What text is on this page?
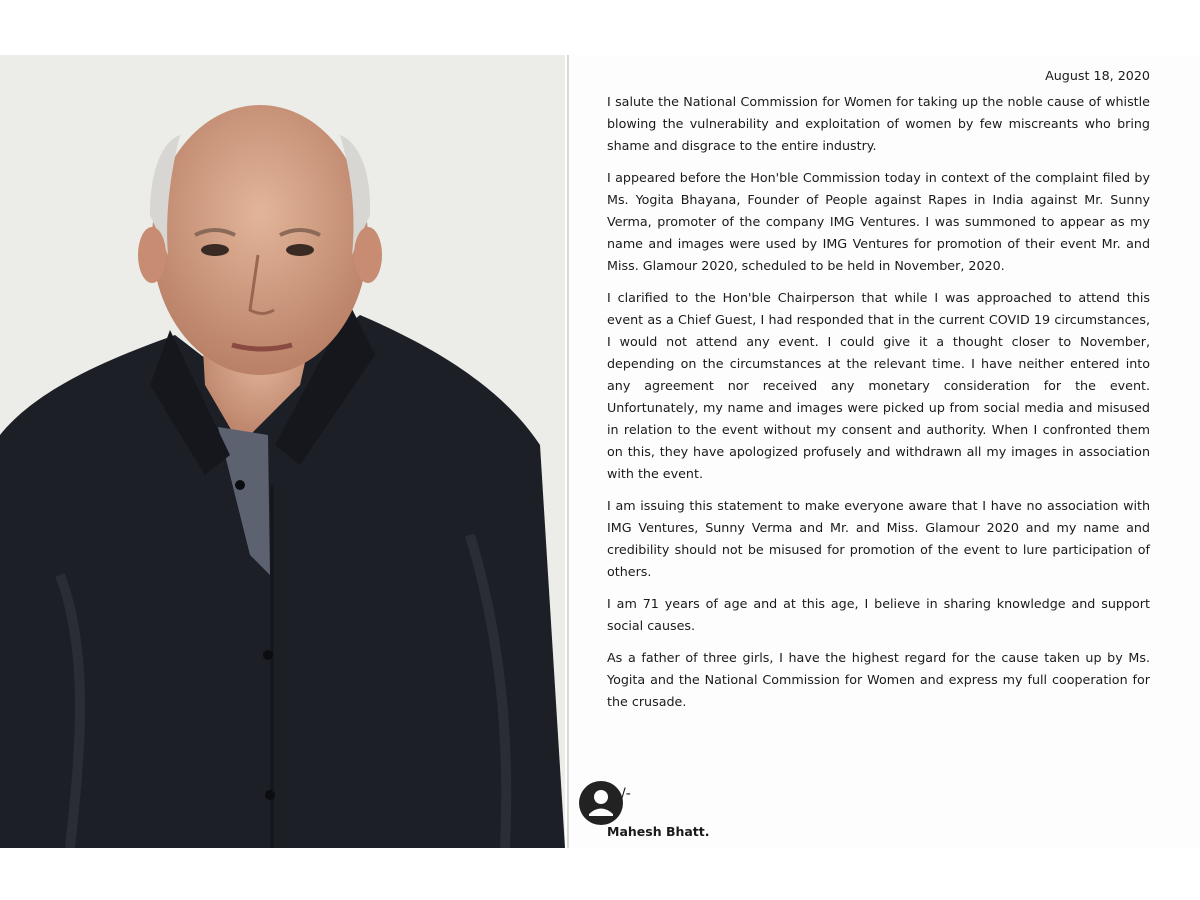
August 18, 2020

I salute the National Commission for Women for taking up the noble cause of whistle blowing the vulnerability and exploitation of women by few miscreants who bring shame and disgrace to the entire industry.

I appeared before the Hon'ble Commission today in context of the complaint filed by Ms. Yogita Bhayana, Founder of People against Rapes in India against Mr. Sunny Verma, promoter of the company IMG Ventures. I was summoned to appear as my name and images were used by IMG Ventures for promotion of their event Mr. and Miss. Glamour 2020, scheduled to be held in November, 2020.

I clarified to the Hon'ble Chairperson that while I was approached to attend this event as a Chief Guest, I had responded that in the current COVID 19 circumstances, I would not attend any event. I could give it a thought closer to November, depending on the circumstances at the relevant time. I have neither entered into any agreement nor received any monetary consideration for the event. Unfortunately, my name and images were picked up from social media and misused in relation to the event without my consent and authority. When I confronted them on this, they have apologized profusely and withdrawn all my images in association with the event.

I am issuing this statement to make everyone aware that I have no association with IMG Ventures, Sunny Verma and Mr. and Miss. Glamour 2020 and my name and credibility should not be misused for promotion of the event to lure participation of others.

I am 71 years of age and at this age, I believe in sharing knowledge and support social causes.

As a father of three girls, I have the highest regard for the cause taken up by Ms. Yogita and the National Commission for Women and express my full cooperation for the crusade.

/-
Mahesh Bhatt.
